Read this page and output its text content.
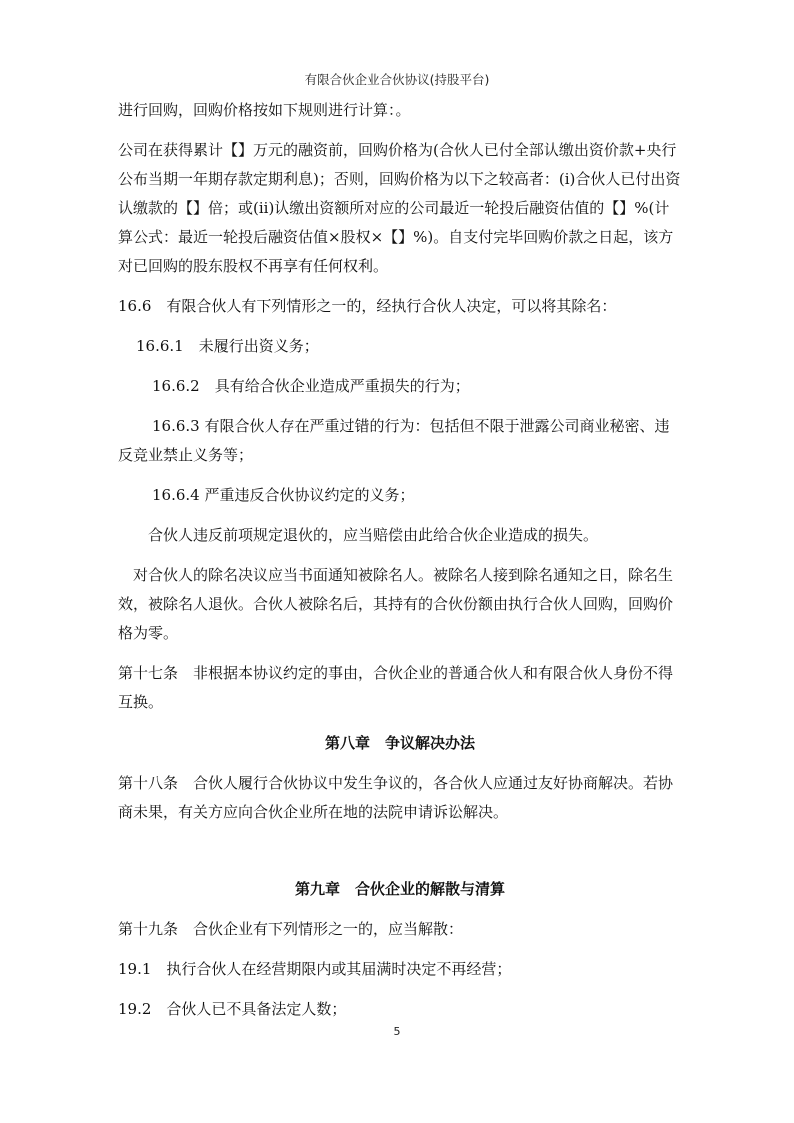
有限合伙企业合伙协议(持股平台)

进行回购，回购价格按如下规则进行计算：。

公司在获得累计【】万元的融资前，回购价格为(合伙人已付全部认缴出资价款+央行公布当期一年期存款定期利息)；否则，回购价格为以下之较高者：(i)合伙人已付出资认缴款的【】倍；或(ii)认缴出资额所对应的公司最近一轮投后融资估值的【】%(计算公式：最近一轮投后融资估值×股权×【】%)。自支付完毕回购价款之日起，该方对已回购的股东股权不再享有任何权利。

16.6　有限合伙人有下列情形之一的，经执行合伙人决定，可以将其除名：

16.6.1　未履行出资义务；

16.6.2　具有给合伙企业造成严重损失的行为；

16.6.3 有限合伙人存在严重过错的行为：包括但不限于泄露公司商业秘密、违反竞业禁止义务等；

16.6.4 严重违反合伙协议约定的义务；

合伙人违反前项规定退伙的，应当赔偿由此给合伙企业造成的损失。

对合伙人的除名决议应当书面通知被除名人。被除名人接到除名通知之日，除名生效，被除名人退伙。合伙人被除名后，其持有的合伙份额由执行合伙人回购，回购价格为零。

第十七条　非根据本协议约定的事由，合伙企业的普通合伙人和有限合伙人身份不得互换。

第八章　争议解决办法

第十八条　合伙人履行合伙协议中发生争议的，各合伙人应通过友好协商解决。若协商未果，有关方应向合伙企业所在地的法院申请诉讼解决。

第九章　合伙企业的解散与清算

第十九条　合伙企业有下列情形之一的，应当解散：

19.1　执行合伙人在经营期限内或其届满时决定不再经营；

19.2　合伙人已不具备法定人数；

5
